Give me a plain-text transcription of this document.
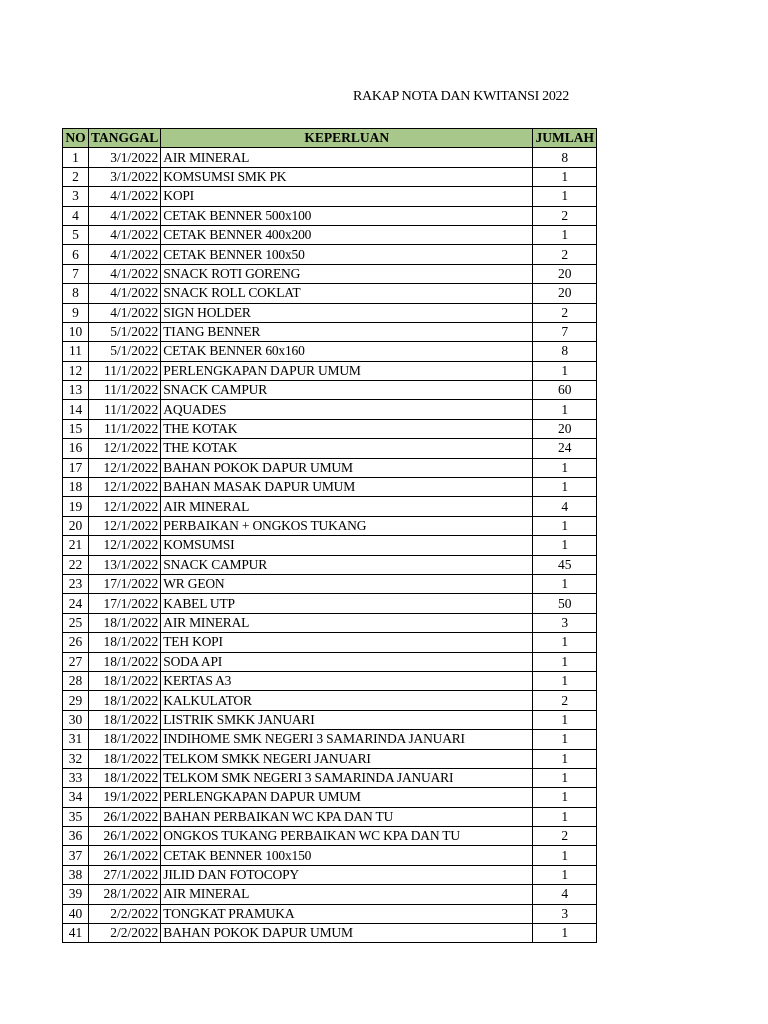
RAKAP NOTA DAN KWITANSI 2022
NO	TANGGAL	KEPERLUAN	JUMLAH
1	3/1/2022	AIR MINERAL	8
2	3/1/2022	KOMSUMSI SMK PK	1
3	4/1/2022	KOPI	1
4	4/1/2022	CETAK BENNER 500x100	2
5	4/1/2022	CETAK BENNER 400x200	1
6	4/1/2022	CETAK BENNER 100x50	2
7	4/1/2022	SNACK ROTI GORENG	20
8	4/1/2022	SNACK ROLL COKLAT	20
9	4/1/2022	SIGN HOLDER	2
10	5/1/2022	TIANG BENNER	7
11	5/1/2022	CETAK BENNER 60x160	8
12	11/1/2022	PERLENGKAPAN DAPUR UMUM	1
13	11/1/2022	SNACK CAMPUR	60
14	11/1/2022	AQUADES	1
15	11/1/2022	THE KOTAK	20
16	12/1/2022	THE KOTAK	24
17	12/1/2022	BAHAN POKOK DAPUR UMUM	1
18	12/1/2022	BAHAN MASAK DAPUR UMUM	1
19	12/1/2022	AIR MINERAL	4
20	12/1/2022	PERBAIKAN + ONGKOS TUKANG	1
21	12/1/2022	KOMSUMSI	1
22	13/1/2022	SNACK CAMPUR	45
23	17/1/2022	WR GEON	1
24	17/1/2022	KABEL UTP	50
25	18/1/2022	AIR MINERAL	3
26	18/1/2022	TEH KOPI	1
27	18/1/2022	SODA API	1
28	18/1/2022	KERTAS A3	1
29	18/1/2022	KALKULATOR	2
30	18/1/2022	LISTRIK SMKK JANUARI	1
31	18/1/2022	INDIHOME SMK NEGERI 3 SAMARINDA JANUARI	1
32	18/1/2022	TELKOM SMKK NEGERI JANUARI	1
33	18/1/2022	TELKOM SMK NEGERI 3 SAMARINDA JANUARI	1
34	19/1/2022	PERLENGKAPAN DAPUR UMUM	1
35	26/1/2022	BAHAN PERBAIKAN WC KPA DAN TU	1
36	26/1/2022	ONGKOS TUKANG PERBAIKAN WC KPA DAN TU	2
37	26/1/2022	CETAK BENNER 100x150	1
38	27/1/2022	JILID DAN FOTOCOPY	1
39	28/1/2022	AIR MINERAL	4
40	2/2/2022	TONGKAT PRAMUKA	3
41	2/2/2022	BAHAN POKOK DAPUR UMUM	1
